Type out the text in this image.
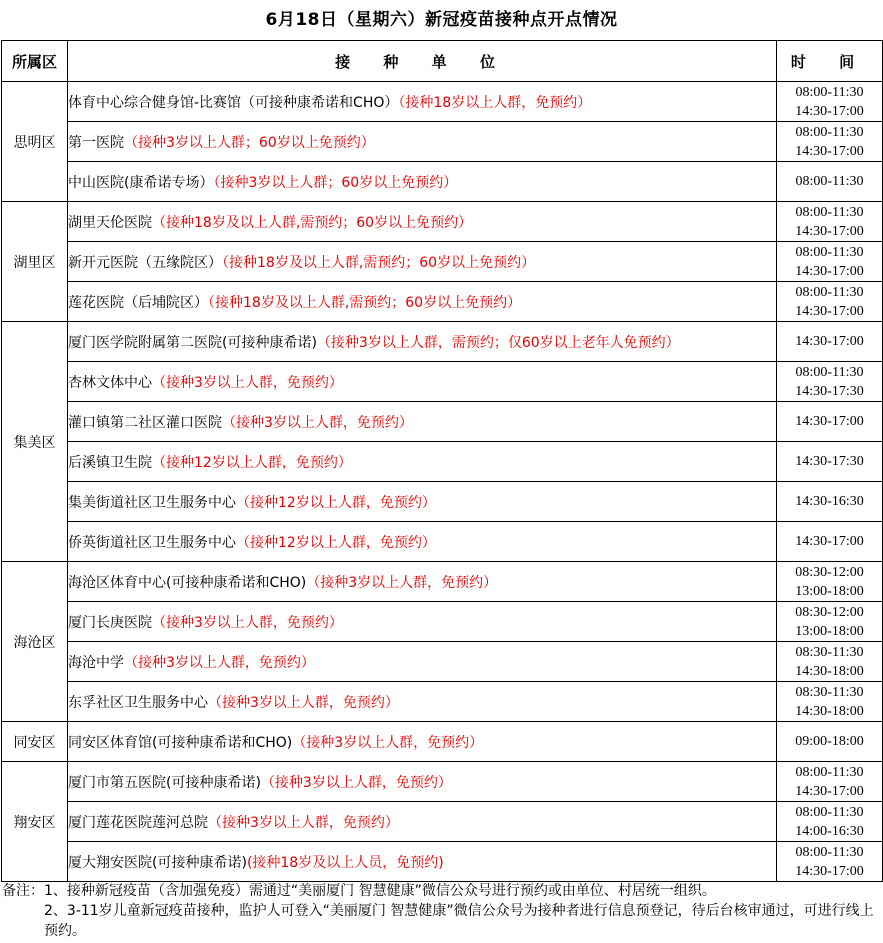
6月18日（星期六）新冠疫苗接种点开点情况
所属区	接 种 单 位	时 间
思明区	体育中心综合健身馆-比赛馆（可接种康希诺和CHO）（接种18岁以上人群，免预约）	08:00-11:30
14:30-17:00

	第一医院（接种3岁以上人群；60岁以上免预约）	08:00-11:30
14:30-17:00

	中山医院(康希诺专场）（接种3岁以上人群；60岁以上免预约）	08:00-11:30

湖里区	湖里天伦医院（接种18岁及以上人群,需预约；60岁以上免预约）	08:00-11:30
14:30-17:00

	新开元医院（五缘院区）（接种18岁及以上人群,需预约；60岁以上免预约）	08:00-11:30
14:30-17:00

	莲花医院（后埔院区）（接种18岁及以上人群,需预约；60岁以上免预约）	08:00-11:30
14:30-17:00

集美区	厦门医学院附属第二医院(可接种康希诺)（接种3岁以上人群，需预约；仅60岁以上老年人免预约）	14:30-17:00

	杏林文体中心（接种3岁以上人群，免预约）	08:00-11:30
14:30-17:30

	灌口镇第二社区灌口医院（接种3岁以上人群，免预约）	14:30-17:00

	后溪镇卫生院（接种12岁以上人群，免预约）	14:30-17:30

	集美街道社区卫生服务中心（接种12岁以上人群，免预约）	14:30-16:30

	侨英街道社区卫生服务中心（接种12岁以上人群，免预约）	14:30-17:00

海沧区	海沧区体育中心(可接种康希诺和CHO)（接种3岁以上人群，免预约）	08:30-12:00
13:00-18:00

	厦门长庚医院（接种3岁以上人群，免预约）	08:30-12:00
13:00-18:00

	海沧中学（接种3岁以上人群，免预约）	08:30-11:30
14:30-18:00

	东孚社区卫生服务中心（接种3岁以上人群，免预约）	08:30-11:30
14:30-18:00

同安区	同安区体育馆(可接种康希诺和CHO)（接种3岁以上人群，免预约）	09:00-18:00

翔安区	厦门市第五医院(可接种康希诺)（接种3岁以上人群，免预约）	08:00-11:30
14:30-17:00

	厦门莲花医院莲河总院（接种3岁以上人群，免预约）	08:00-11:30
14:00-16:30

	厦大翔安医院(可接种康希诺)(接种18岁及以上人员，免预约)	08:00-11:30
14:30-17:00
备注：1、接种新冠疫苗（含加强免疫）需通过“美丽厦门 智慧健康”微信公众号进行预约或由单位、村居统一组织。
2、3-11岁儿童新冠疫苗接种，监护人可登入“美丽厦门 智慧健康”微信公众号为接种者进行信息预登记，待后台核审通过，可进行线上预约。
